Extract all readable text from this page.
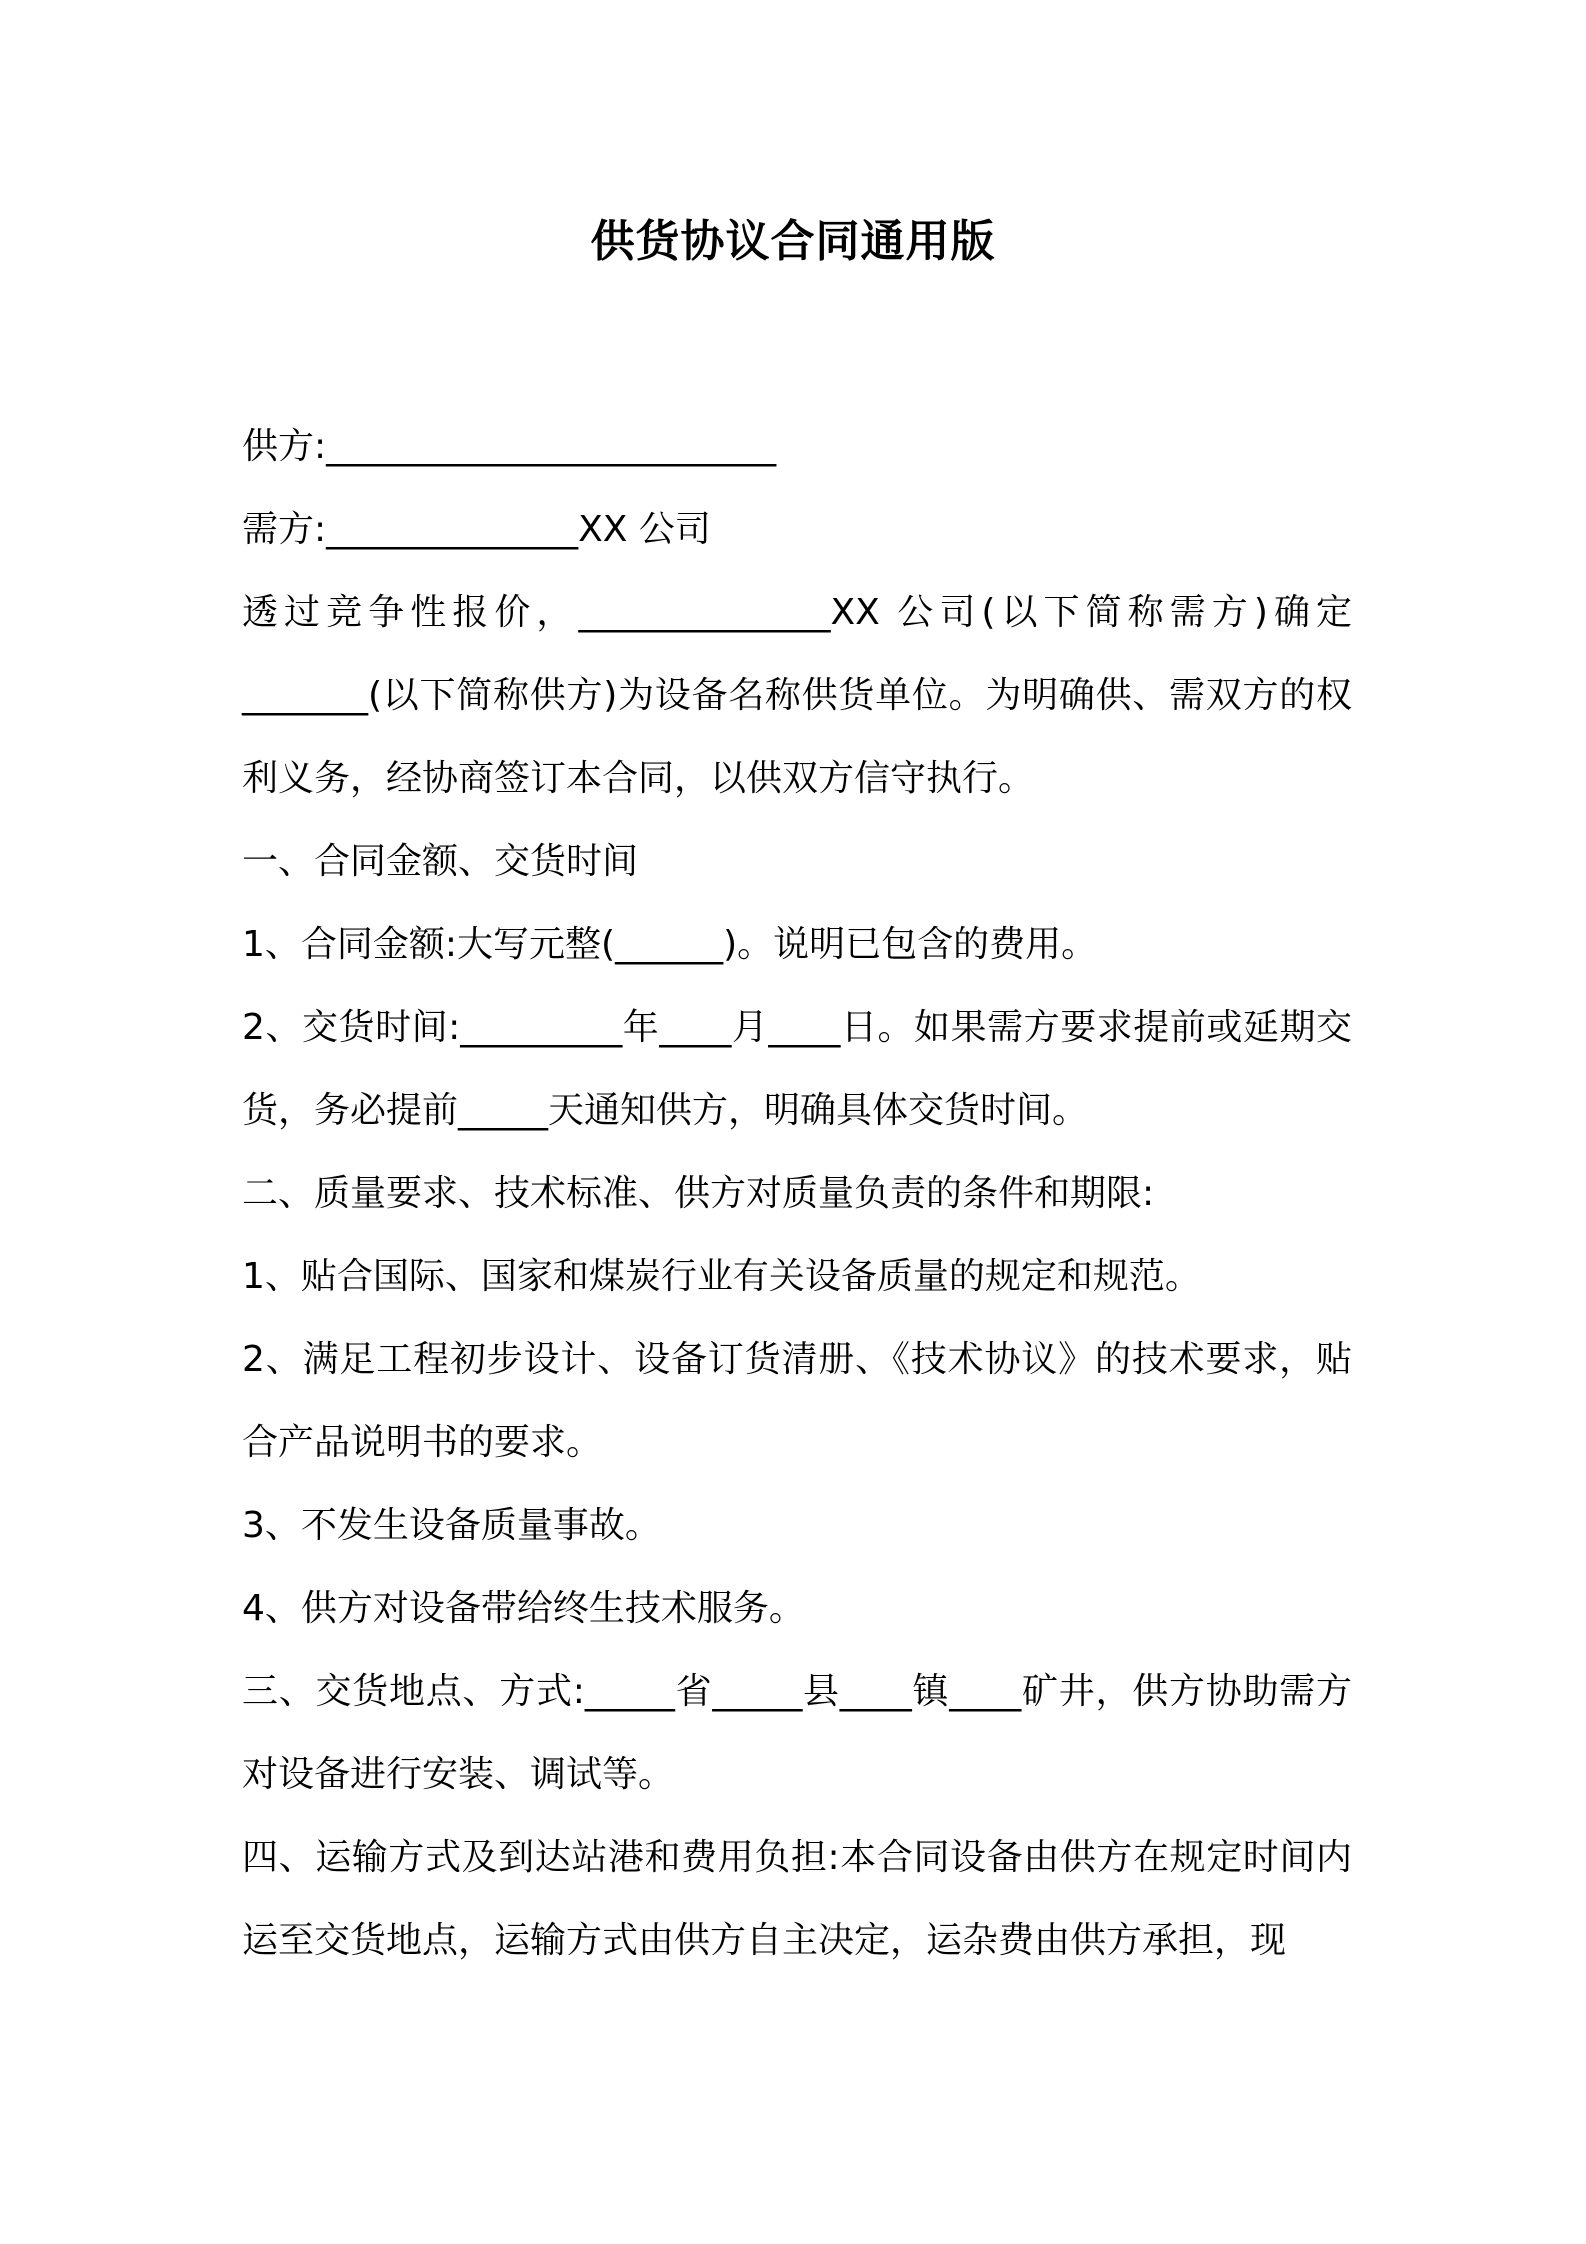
供货协议合同通用版

供方:_________________________

需方:______________XX 公司

透过竞争性报价，______________XX 公司(以下简称需方)确定_______(以下简称供方)为设备名称供货单位。为明确供、需双方的权利义务，经协商签订本合同，以供双方信守执行。

一、合同金额、交货时间

1、合同金额:大写元整(______)。说明已包含的费用。

2、交货时间:_________年____月____日。如果需方要求提前或延期交货，务必提前_____天通知供方，明确具体交货时间。

二、质量要求、技术标准、供方对质量负责的条件和期限:

1、贴合国际、国家和煤炭行业有关设备质量的规定和规范。

2、满足工程初步设计、设备订货清册、《技术协议》的技术要求，贴合产品说明书的要求。

3、不发生设备质量事故。

4、供方对设备带给终生技术服务。

三、交货地点、方式:_____省_____县____镇____矿井，供方协助需方对设备进行安装、调试等。

四、运输方式及到达站港和费用负担:本合同设备由供方在规定时间内运至交货地点，运输方式由供方自主决定，运杂费由供方承担，现
